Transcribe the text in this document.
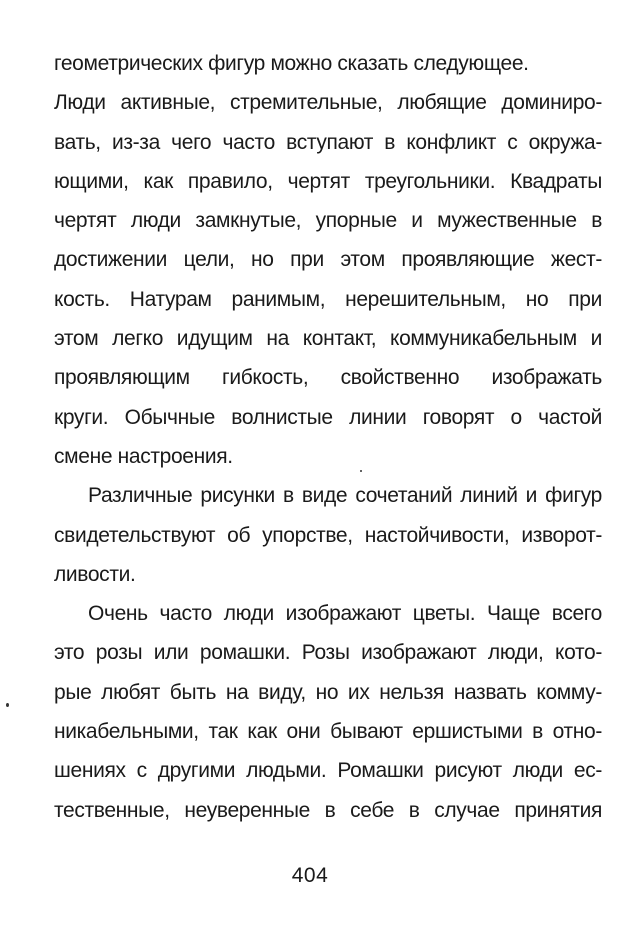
геометрических фигур можно сказать следующее.
Люди активные, стремительные, любящие доминиро-
вать, из-за чего часто вступают в конфликт с окружа-
ющими, как правило, чертят треугольники. Квадраты
чертят люди замкнутые, упорные и мужественные в
достижении цели, но при этом проявляющие жест-
кость. Натурам ранимым, нерешительным, но при
этом легко идущим на контакт, коммуникабельным и
проявляющим гибкость, свойственно изображать
круги. Обычные волнистые линии говорят о частой
смене настроения.
Различные рисунки в виде сочетаний линий и фигур
свидетельствуют об упорстве, настойчивости, изворот-
ливости.
Очень часто люди изображают цветы. Чаще всего
это розы или ромашки. Розы изображают люди, кото-
рые любят быть на виду, но их нельзя назвать комму-
никабельными, так как они бывают ершистыми в отно-
шениях с другими людьми. Ромашки рисуют люди ес-
тественные, неуверенные в себе в случае принятия
404
